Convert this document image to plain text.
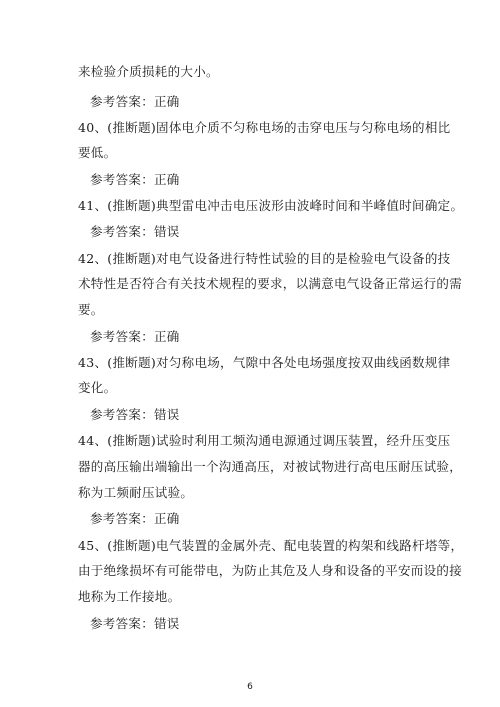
来检验介质损耗的大小。
参考答案：正确
40、(推断题)固体电介质不匀称电场的击穿电压与匀称电场的相比
要低。
参考答案：正确
41、(推断题)典型雷电冲击电压波形由波峰时间和半峰值时间确定。
参考答案：错误
42、(推断题)对电气设备进行特性试验的目的是检验电气设备的技
术特性是否符合有关技术规程的要求，以满意电气设备正常运行的需
要。
参考答案：正确
43、(推断题)对匀称电场，气隙中各处电场强度按双曲线函数规律
变化。
参考答案：错误
44、(推断题)试验时利用工频沟通电源通过调压装置，经升压变压
器的高压输出端输出一个沟通高压，对被试物进行高电压耐压试验，
称为工频耐压试验。
参考答案：正确
45、(推断题)电气装置的金属外壳、配电装置的构架和线路杆塔等，
由于绝缘损坏有可能带电，为防止其危及人身和设备的平安而设的接
地称为工作接地。
参考答案：错误
6
